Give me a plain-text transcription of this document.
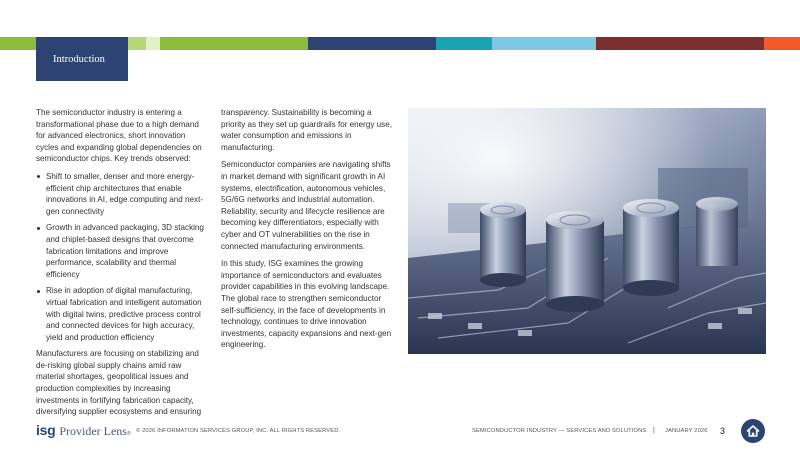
Introduction

The semiconductor industry is entering a transformational phase due to a high demand for advanced electronics, short innovation cycles and expanding global dependencies on semiconductor chips. Key trends observed:

Shift to smaller, denser and more energy-efficient chip architectures that enable innovations in AI, edge computing and next-gen connectivity
Growth in advanced packaging, 3D stacking and chiplet-based designs that overcome fabrication limitations and improve performance, scalability and thermal efficiency
Rise in adoption of digital manufacturing, virtual fabrication and intelligent automation with digital twins, predictive process control and connected devices for high accuracy, yield and production efficiency

Manufacturers are focusing on stabilizing and de-risking global supply chains amid raw material shortages, geopolitical issues and production complexities by increasing investments in fortifying fabrication capacity, diversifying supplier ecosystems and ensuring

transparency. Sustainability is becoming a priority as they set up guardrails for energy use, water consumption and emissions in manufacturing.

Semiconductor companies are navigating shifts in market demand with significant growth in AI systems, electrification, autonomous vehicles, 5G/6G networks and industrial automation. Reliability, security and lifecycle resilience are becoming key differentiators, especially with cyber and OT vulnerabilities on the rise in connected manufacturing environments.

In this study, ISG examines the growing importance of semiconductors and evaluates provider capabilities in this evolving landscape. The global race to strengthen semiconductor self-sufficiency, in the face of developments in technology, continues to drive innovation investments, capacity expansions and next-gen engineering.

isg Provider Lens ® © 2026 INFORMATION SERVICES GROUP, INC. ALL RIGHTS RESERVED.	SEMICONDUCTOR INDUSTRY — SERVICES AND SOLUTIONS | JANUARY 2026 3
